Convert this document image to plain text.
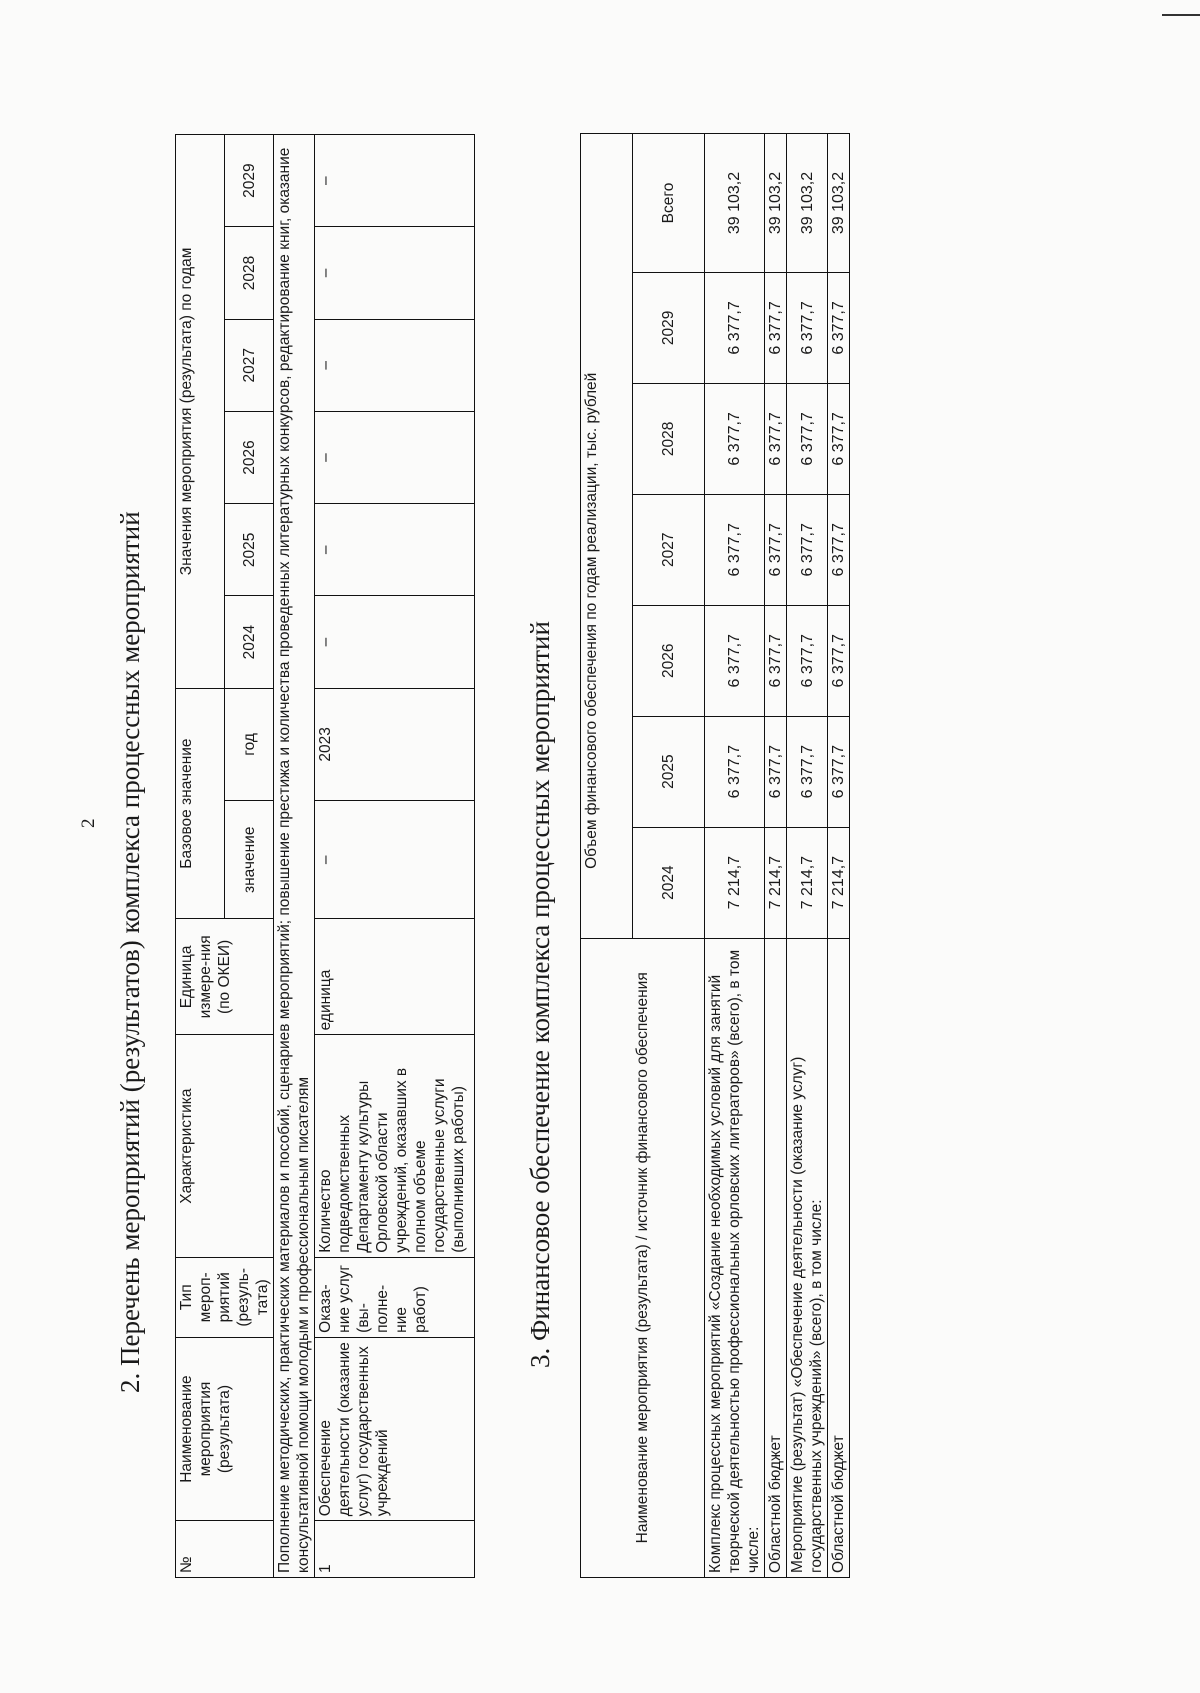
2 2. Перечень мероприятий (результатов) комплекса процессных мероприятий
№	Наименование мероприятия (результата)	Тип мероп-риятий (резуль-тата)	Характеристика	Единица измере-ния (по ОКЕИ)	Базовое значение		Значения мероприятия (результата) по годам					
					значение	год	2024	2025	2026	2027	2028	2029
Пополнение методических, практических материалов и пособий, сценариев мероприятий; повышение престижа и количества проведенных литературных конкурсов, редактирование книг, оказание консультативной помощи молодым и профессиональным писателям												
1	Обеспечение деятельности (оказание услуг) государственных учреждений	Оказа-ние услуг (вы-полне-ние работ)	Количество подведомственных Департаменту культуры Орловской области учреждений, оказавших в полном объеме государственные услуги (выполнивших работы)	единица	–	2023	–	–	–	–	–	–
3. Финансовое обеспечение комплекса процессных мероприятий	Наименование мероприятия (результата) / источник финансового обеспечения	Объем финансового обеспечения по годам реализации, тыс. рублей						
	2024	2025	2026	2027	2028	2029	Всего
Комплекс процессных мероприятий «Создание необходимых условий для занятий творческой деятельностью профессиональных орловских литераторов» (всего), в том числе:	7 214,7	6 377,7	6 377,7	6 377,7	6 377,7	6 377,7	39 103,2
Областной бюджет	7 214,7	6 377,7	6 377,7	6 377,7	6 377,7	6 377,7	39 103,2
Мероприятие (результат) «Обеспечение деятельности (оказание услуг) государственных учреждений» (всего), в том числе:	7 214,7	6 377,7	6 377,7	6 377,7	6 377,7	6 377,7	39 103,2
Областной бюджет	7 214,7	6 377,7	6 377,7	6 377,7	6 377,7	6 377,7	39 103,2
